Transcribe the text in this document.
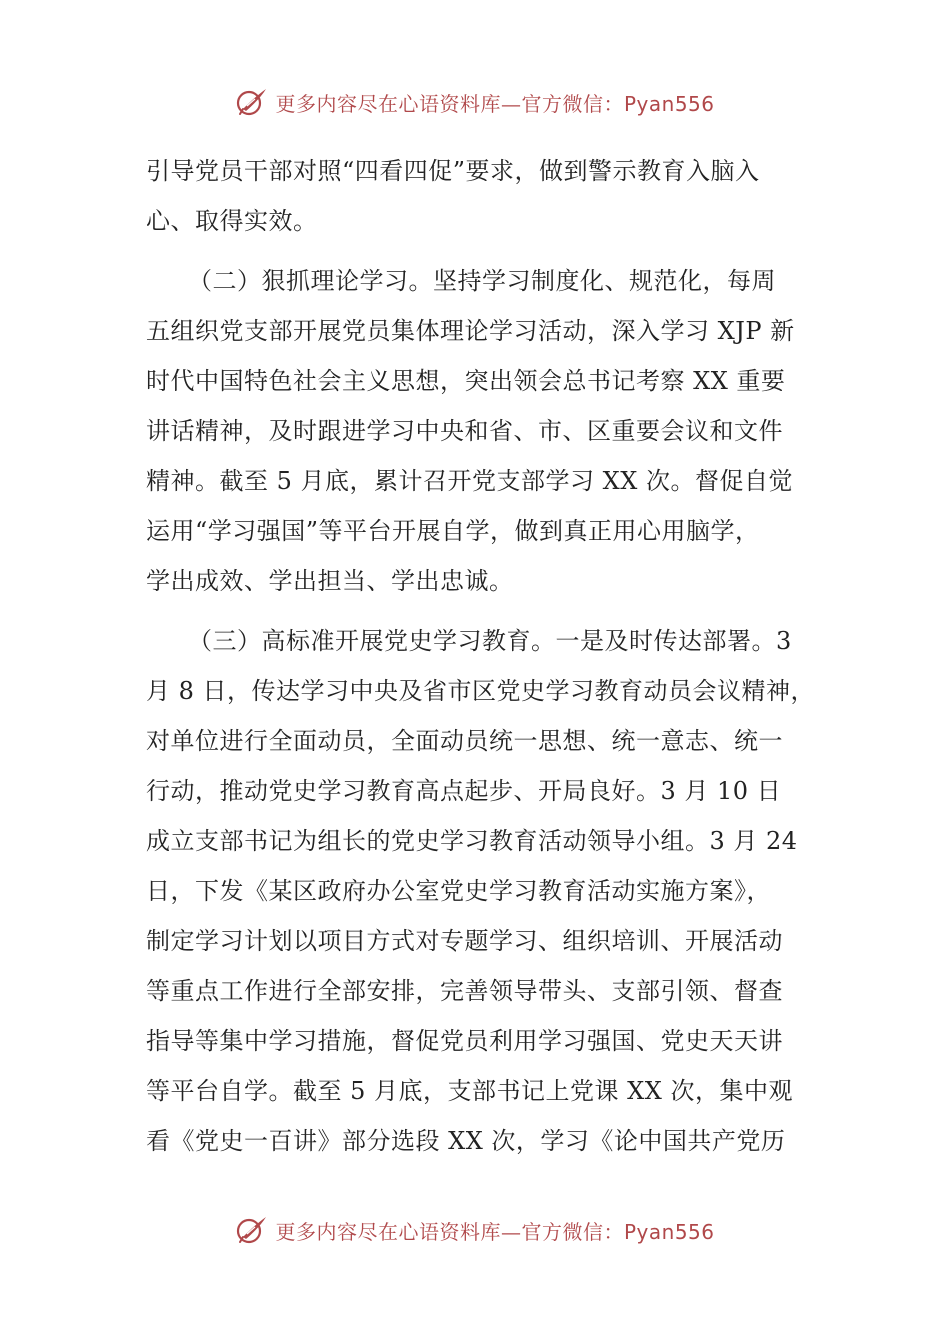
更多内容尽在心语资料库—官方微信：Pyan556
引导党员干部对照“四看四促”要求，做到警示教育入脑入
心、取得实效。
（二）狠抓理论学习。坚持学习制度化、规范化，每周
五组织党支部开展党员集体理论学习活动，深入学习 XJP 新
时代中国特色社会主义思想，突出领会总书记考察 XX 重要
讲话精神，及时跟进学习中央和省、市、区重要会议和文件
精神。截至 5 月底，累计召开党支部学习 XX 次。督促自觉
运用“学习强国”等平台开展自学，做到真正用心用脑学，
学出成效、学出担当、学出忠诚。
（三）高标准开展党史学习教育。一是及时传达部署。3
月 8 日，传达学习中央及省市区党史学习教育动员会议精神，
对单位进行全面动员，全面动员统一思想、统一意志、统一
行动，推动党史学习教育高点起步、开局良好。3 月 10 日
成立支部书记为组长的党史学习教育活动领导小组。3 月 24
日，下发《某区政府办公室党史学习教育活动实施方案》，
制定学习计划以项目方式对专题学习、组织培训、开展活动
等重点工作进行全部安排，完善领导带头、支部引领、督查
指导等集中学习措施，督促党员利用学习强国、党史天天讲
等平台自学。截至 5 月底，支部书记上党课 XX 次，集中观
看《党史一百讲》部分选段 XX 次，学习《论中国共产党历
更多内容尽在心语资料库—官方微信：Pyan556
